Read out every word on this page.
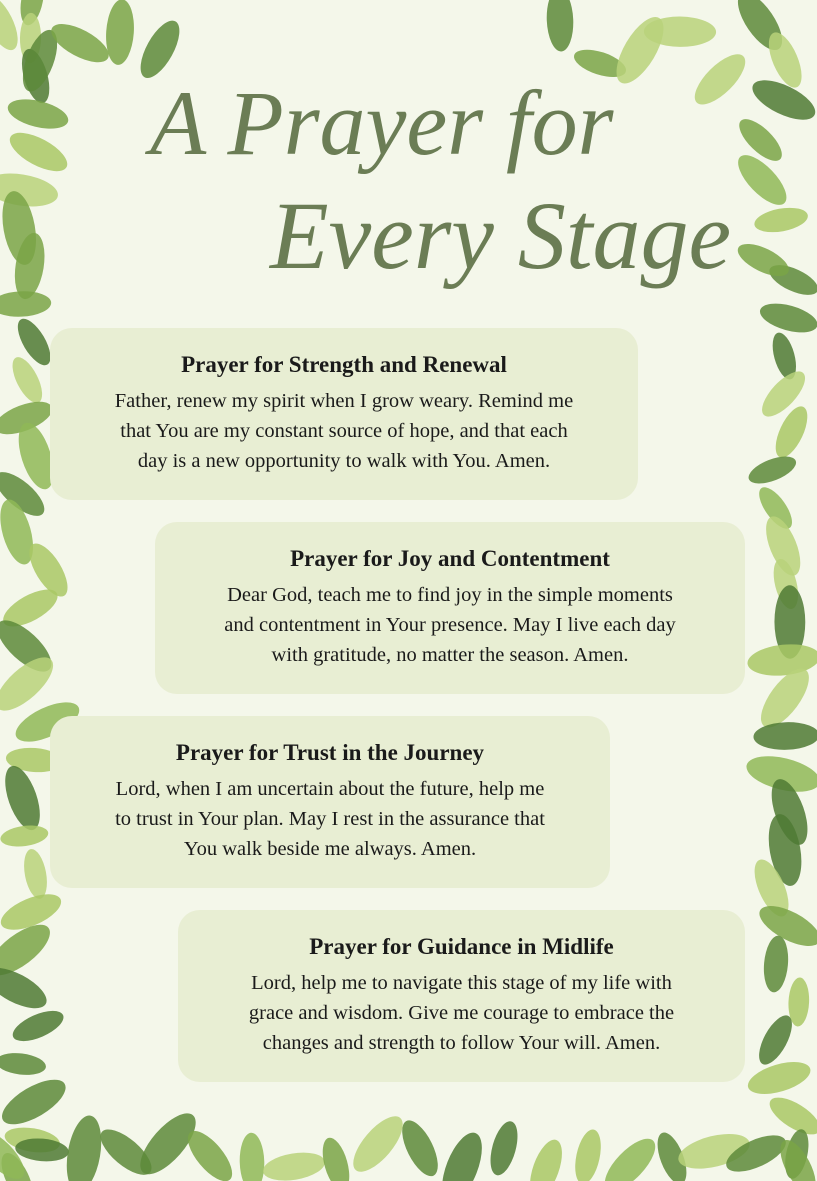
A Prayer for
Every Stage
Prayer for Strength and Renewal

Father, renew my spirit when I grow weary. Remind me
that You are my constant source of hope, and that each
day is a new opportunity to walk with You. Amen.

Prayer for Joy and Contentment

Dear God, teach me to find joy in the simple moments
and contentment in Your presence. May I live each day
with gratitude, no matter the season. Amen.

Prayer for Trust in the Journey

Lord, when I am uncertain about the future, help me
to trust in Your plan. May I rest in the assurance that
You walk beside me always. Amen.

Prayer for Guidance in Midlife

Lord, help me to navigate this stage of my life with
grace and wisdom. Give me courage to embrace the
changes and strength to follow Your will. Amen.
